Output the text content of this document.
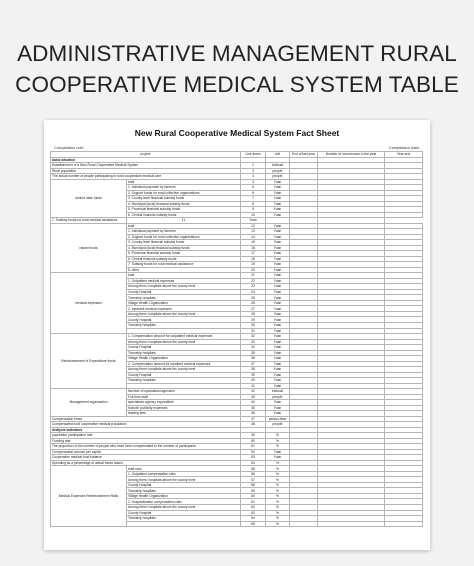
ADMINISTRATIVE MANAGEMENT RURAL
COOPERATIVE MEDICAL SYSTEM TABLE
New Rural Cooperative Medical System Fact Sheet
Compilation unit:	Compilation date:
project		Line times	unit	End of last year	Number of occurrences in the year	Year-end
basic situation						
Establishment of a New Rural Cooperative Medical System		1	indivual			
Rural population		2	people			
The actual number of people participating in rural cooperative medical care		3	people			
should raise funds	total	4	Yuan			
	1. Individual payment by farmers	5	Yuan			
	2. Support funds for rural collective organizations	6	Yuan			
	3. County-level financial subsidy funds	7	Yuan			
	4. Municipal (local) financial subsidy funds	8	Yuan			
	5. Provincial financial subsidy funds	9	Yuan			
	6. Central financial subsidy funds	10	Yuan			
7. Subsidy funds for rural medical assistance	11	Yuan				
raised funds	total	12	Yuan			
	1. Individual payment by farmers	13	Yuan			
	2. Support funds for rural collective organizations	14	Yuan			
	3. County-level financial subsidy funds	15	Yuan			
	4. Municipal (local) financial subsidy funds	16	Yuan			
	5. Provincial financial subsidy funds	17	Yuan			
	6. Central financial subsidy funds	18	Yuan			
	7. Subsidy funds for rural medical assistance	19	Yuan			
	8. other	20	Yuan			
medical expenses	total	21	Yuan			
	1. Outpatient medical expenses	22	Yuan			
	Among them: hospitals above the county level	23	Yuan			
	County Hospital	24	Yuan			
	Township hospitals	25	Yuan			
	Village Health Organization	26	Yuan			
	2. Inpatient medical expenses	27	Yuan			
	Among them: hospitals above the county level	28	Yuan			
	County Hospital	29	Yuan			
	Township hospitals	30	Yuan			
		31	Yuan			
Reimbursement of Expenditure funds	1. Compensation amount for outpatient medical expenses	32	Yuan			
	Among them: hospitals above the county level	33	Yuan			
	County Hospital	34	Yuan			
	Township hospitals	35	Yuan			
	Village Health Organization	36	Yuan			
	2. Compensation amount for inpatient medical expenses	37	Yuan			
	Among them: hospitals above the county level	38	Yuan			
	County Hospital	39	Yuan			
	Township hospitals	40	Yuan			
		41	Yuan			
Management organization	Number of specialized agencies	42	indivual			
	Full-time staff	43	people			
	specialized agency expenditure	44	Yuan			
	Include: publicity expenses	45	Yuan			
	training fees	46	Yuan			
Compensation times		47	person-time			
Compensated rural cooperative medical population		48	people			
Analysis indicators						
population participation rate		49	%			
Funding rate		50	%			
The proportion of the number of people who have been compensated to the number of participants		51	%			
Compensation amount per capita		52	Yuan			
Cooperative medical fund balance		53	Yuan			
Spending as a percentage of actual funds raised		54	%			
Medical Expenses Reimbursement Ratio	total ratio	55	%			
	1. Outpatient compensation ratio	56	%			
	Among them: hospitals above the county level	57	%			
	County Hospital	58	%			
	Township hospitals	59	%			
	Village Health Organization	60	%			
	2. Hospitalization compensation ratio	61	%			
	Among them: hospitals above the county level	62	%			
	County Hospital	63	%			
	Township hospitals	64	%			
		65	%			
